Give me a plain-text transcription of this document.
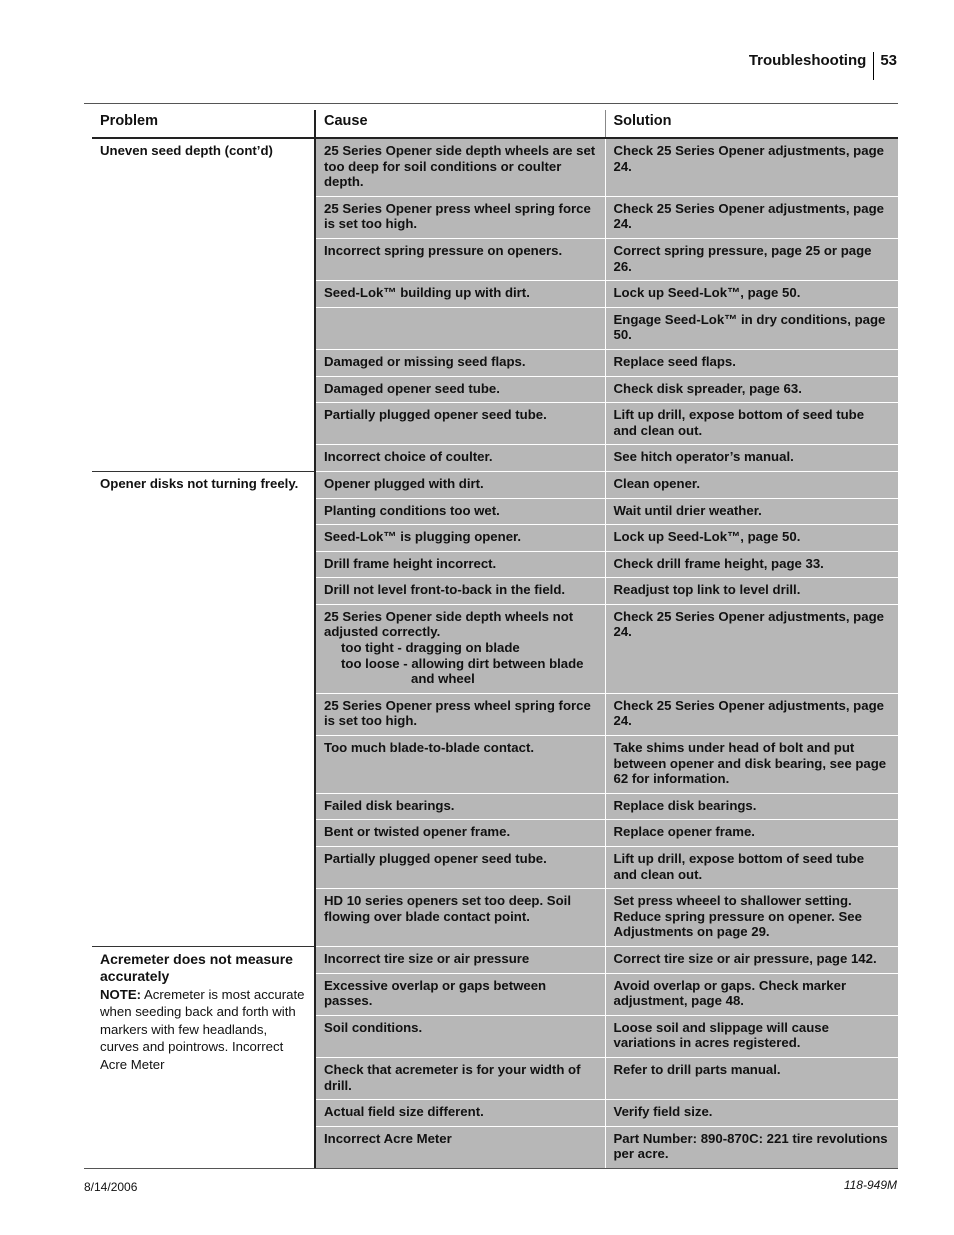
Troubleshooting 53
Problem	Cause	Solution
Uneven seed depth (cont’d)	25 Series Opener side depth wheels are set too deep for soil conditions or coulter depth.	Check 25 Series Opener adjustments, page 24.
	25 Series Opener press wheel spring force is set too high.	Check 25 Series Opener adjustments, page 24.
	Incorrect spring pressure on openers.	Correct spring pressure, page 25 or page 26.
	Seed-Lok™ building up with dirt.	Lock up Seed-Lok™, page 50.
		Engage Seed-Lok™ in dry conditions, page 50.
	Damaged or missing seed flaps.	Replace seed flaps.
	Damaged opener seed tube.	Check disk spreader, page 63.
	Partially plugged opener seed tube.	Lift up drill, expose bottom of seed tube and clean out.
	Incorrect choice of coulter.	See hitch operator’s manual.
Opener disks not turning freely.	Opener plugged with dirt.	Clean opener.
	Planting conditions too wet.	Wait until drier weather.
	Seed-Lok™ is plugging opener.	Lock up Seed-Lok™, page 50.
	Drill frame height incorrect.	Check drill frame height, page 33.
	Drill not level front-to-back in the field.	Readjust top link to level drill.
	25 Series Opener side depth wheels not adjusted correctly.
too tight - dragging on blade
too loose - allowing dirt between blade
and wheel	Check 25 Series Opener adjustments, page 24.
	25 Series Opener press wheel spring force is set too high.	Check 25 Series Opener adjustments, page 24.
	Too much blade-to-blade contact.	Take shims under head of bolt and put between opener and disk bearing, see page 62 for information.
	Failed disk bearings.	Replace disk bearings.
	Bent or twisted opener frame.	Replace opener frame.
	Partially plugged opener seed tube.	Lift up drill, expose bottom of seed tube and clean out.
	HD 10 series openers set too deep. Soil flowing over blade contact point.	Set press wheeel to shallower setting. Reduce spring pressure on opener. See Adjustments on page 29.

Acremeter does not measure accurately
NOTE: Acremeter is most accurate when seeding back and forth with markers with few headlands, curves and pointrows. Incorrect Acre Meter	Incorrect tire size or air pressure	Correct tire size or air pressure, page 142.
	Excessive overlap or gaps between passes.	Avoid overlap or gaps. Check marker adjustment, page 48.
	Soil conditions.	Loose soil and slippage will cause variations in acres registered.
	Check that acremeter is for your width of drill.	Refer to drill parts manual.
	Actual field size different.	Verify field size.
	Incorrect Acre Meter	Part Number: 890-870C: 221 tire revolutions per acre.
8/14/2006	118-949M
